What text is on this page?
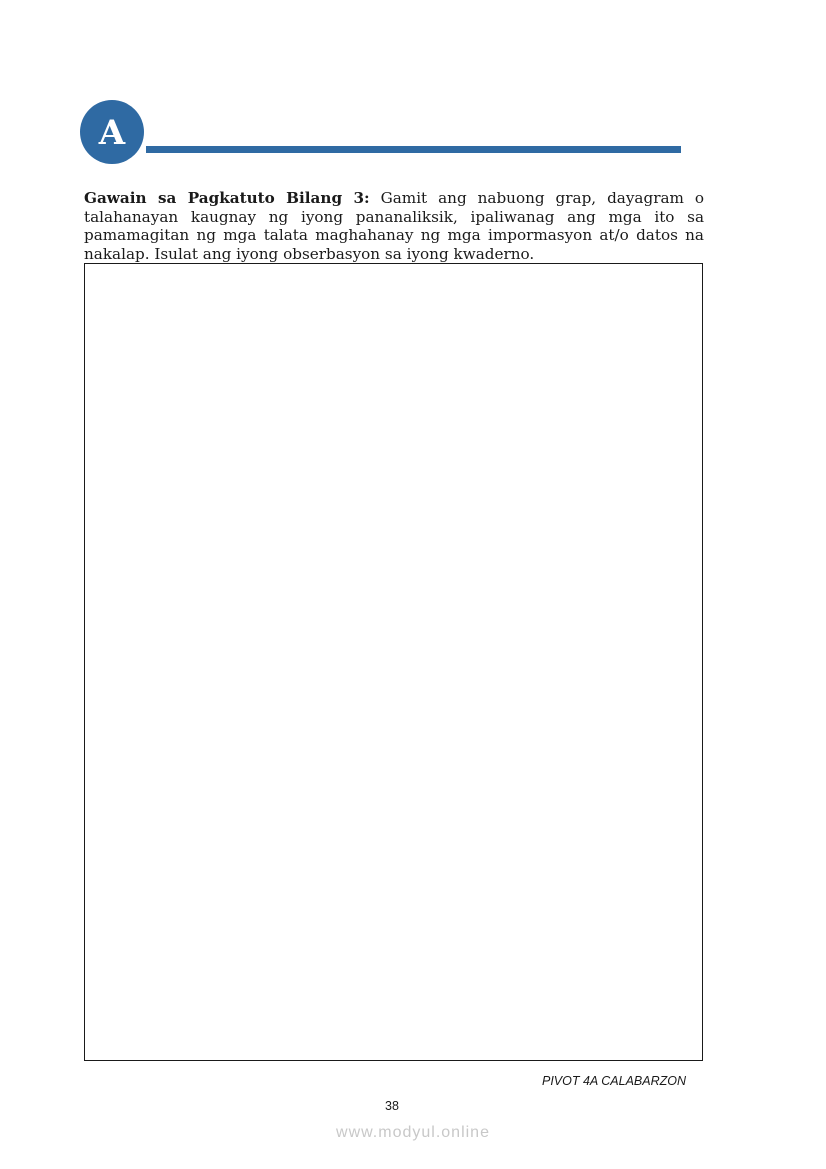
A

Gawain sa Pagkatuto Bilang 3: Gamit ang nabuong grap, dayagram o talahanayan kaugnay ng iyong pananaliksik, ipaliwanag ang mga ito sa pamamagitan ng mga talata maghahanay ng mga impormasyon at/o datos na nakalap. Isulat ang iyong obserbasyon sa iyong kwaderno.

PIVOT 4A CALABARZON
38
www.modyul.online
